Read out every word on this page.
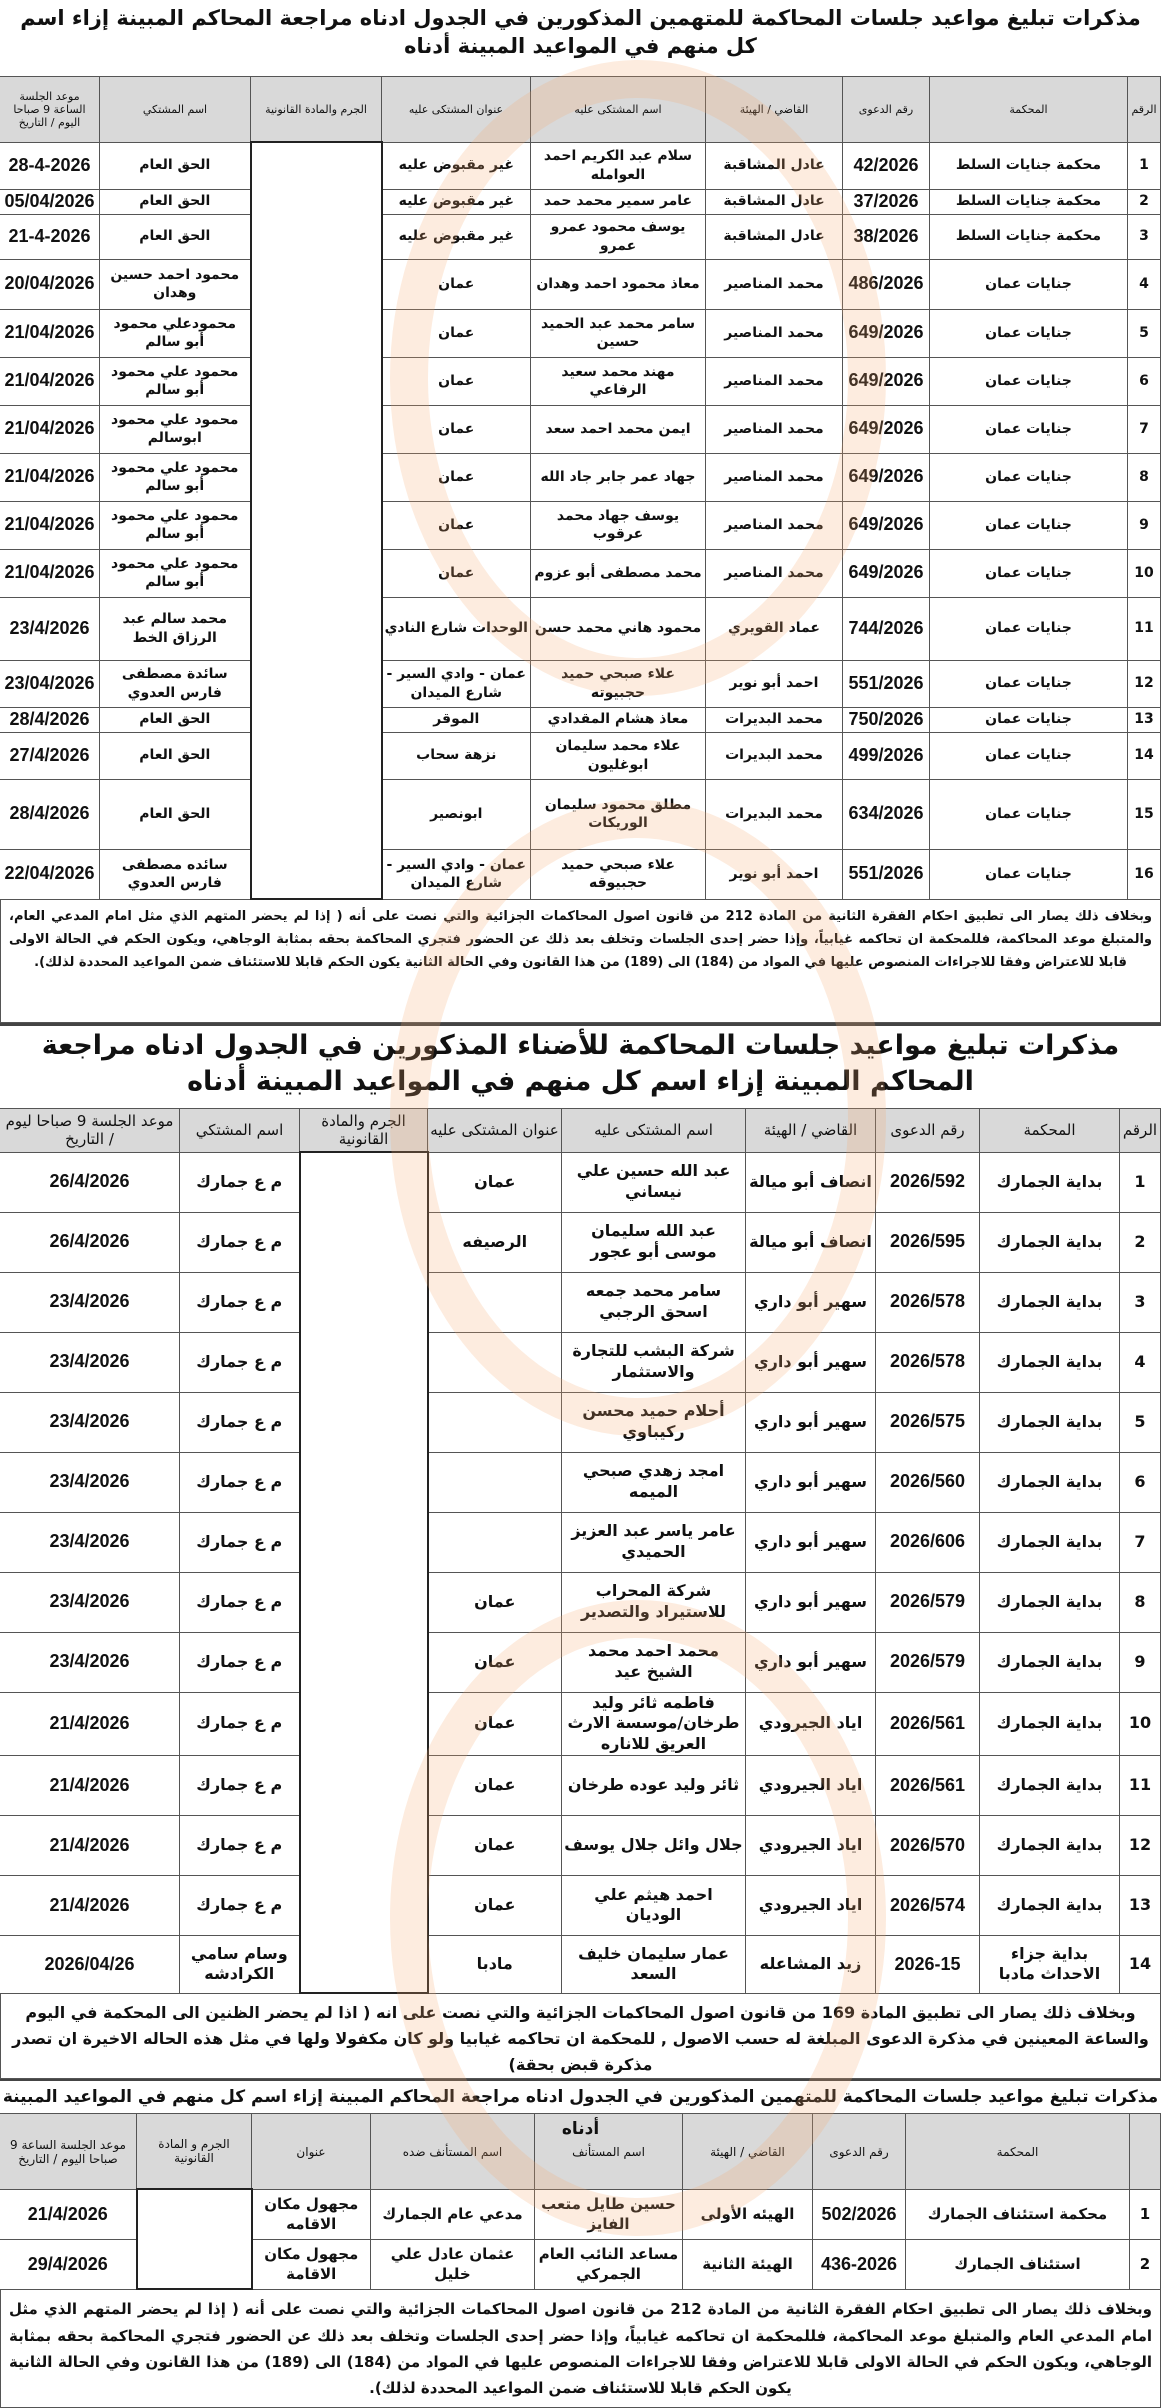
مذكرات تبليغ مواعيد جلسات المحاكمة للمتهمين المذكورين في الجدول ادناه مراجعة المحاكم المبينة إزاء اسم كل منهم في المواعيد المبينة أدناه
الرقم	المحكمة	رقم الدعوى	القاضي / الهيئة	اسم المشتكى عليه	عنوان المشتكى عليه	الجرم والمادة القانونية	اسم المشتكي	موعد الجلسة الساعة 9 صباحا اليوم / التاريخ
1	محكمة جنايات السلط	42/2026	عادل المشاقبة	سلام عبد الكريم احمد العوامله	غير مقبوض عليه		الحق العام	28-4-2026
2	محكمة جنايات السلط	37/2026	عادل المشاقبة	عامر سمير محمد حمد	غير مقبوض عليه		الحق العام	05/04/2026
3	محكمة جنايات السلط	38/2026	عادل المشاقبة	يوسف محمود عمرو عمرو	غير مقبوض عليه		الحق العام	21-4-2026
4	جنايات عمان	486/2026	محمد المناصير	معاذ محمود احمد وهدان	عمان		محمود احمد حسين وهدان	20/04/2026
5	جنايات عمان	649/2026	محمد المناصير	سامر محمد عبد الحميد حسين	عمان		محمودعلي محمود أبو سالم	21/04/2026
6	جنايات عمان	649/2026	محمد المناصير	مهند محمد سعيد الرفاعي	عمان		محمود علي محمود أبو سالم	21/04/2026
7	جنايات عمان	649/2026	محمد المناصير	ايمن محمد احمد سعد	عمان		محمود علي محمود ابوسالم	21/04/2026
8	جنايات عمان	649/2026	محمد المناصير	جهاد عمر جابر جاد الله	عمان		محمود علي محمود أبو سالم	21/04/2026
9	جنايات عمان	649/2026	محمد المناصير	يوسف جهاد محمد عرقوب	عمان		محمود علي محمود أبو سالم	21/04/2026
10	جنايات عمان	649/2026	محمد المناصير	محمد مصطفى أبو عزوم	عمان		محمود علي محمود أبو سالم	21/04/2026
11	جنايات عمان	744/2026	عماد القويري	محمود هاني محمد حسن	الوحدات شارع النادي		محمد سالم عبد الرزاق الخط	23/4/2026
12	جنايات عمان	551/2026	احمد أبو نوير	علاء صبحي حميد حجبيوته	عمان - وادي السير - شارع الميدان		سائدة مصطفى فارس العدوي	23/04/2026
13	جنايات عمان	750/2026	محمد البديرات	معاذ هشام المقدادي	الموقر		الحق العام	28/4/2026
14	جنايات عمان	499/2026	محمد البديرات	علاء محمد سليمان ابوغليون	نزهة سحاب		الحق العام	27/4/2026
15	جنايات عمان	634/2026	محمد البديرات	مطلق محمود سليمان الوريكات	ابونصير		الحق العام	28/4/2026
16	جنايات عمان	551/2026	احمد أبو نوير	علاء صبحي حميد حجبيوقه	عمان - وادي السير - شارع الميدان		سائده مصطفى فارس العدوي	22/04/2026
وبخلاف ذلك يصار الى تطبيق احكام الفقرة الثانية من المادة 212 من قانون اصول المحاكمات الجزائية والتي نصت على أنه ( إذا لم يحضر المتهم الذي مثل امام المدعي العام، والمتبلغ موعد المحاكمة، فللمحكمة ان تحاكمه غيابياً، وإذا حضر إحدى الجلسات وتخلف بعد ذلك عن الحضور فتجري المحاكمة بحقه بمثابة الوجاهي، ويكون الحكم في الحالة الاولى قابلا للاعتراض وفقا للاجراءات المنصوص عليها في المواد من (184) الى (189) من هذا القانون وفي الحالة الثانية يكون الحكم قابلا للاستئناف ضمن المواعيد المحددة لذلك).
مذكرات تبليغ مواعيد جلسات المحاكمة للأضناء المذكورين في الجدول ادناه مراجعة المحاكم المبينة إزاء اسم كل منهم في المواعيد المبينة أدناه
الرقم	المحكمة	رقم الدعوى	القاضي / الهيئة	اسم المشتكى عليه	عنوان المشتكى عليه	الجرم والمادة القانونية	اسم المشتكي	موعد الجلسة 9 صباحا ليوم / التاريخ
1	بداية الجمارك	2026/592	انصاف أبو ميالة	عبد الله حسين علي نيساني	عمان		م ع جمارك	26/4/2026
2	بداية الجمارك	2026/595	انصاف أبو ميالة	عبد الله سليمان موسى أبو عجور	الرصيفه		م ع جمارك	26/4/2026
3	بداية الجمارك	2026/578	سهير أبو داري	سامر محمد جمعه اسحق الرجبي			م ع جمارك	23/4/2026
4	بداية الجمارك	2026/578	سهير أبو داري	شركة البشب للتجارة والاستثمار			م ع جمارك	23/4/2026
5	بداية الجمارك	2026/575	سهير أبو داري	أحلام حميد محسن ركيباوي			م ع جمارك	23/4/2026
6	بداية الجمارك	2026/560	سهير أبو داري	امجد زهدي صبحي الميمه			م ع جمارك	23/4/2026
7	بداية الجمارك	2026/606	سهير أبو داري	عامر ياسر عبد العزيز الحميدي			م ع جمارك	23/4/2026
8	بداية الجمارك	2026/579	سهير أبو داري	شركة المحراب للاستيراد والتصدير	عمان		م ع جمارك	23/4/2026
9	بداية الجمارك	2026/579	سهير أبو داري	محمد احمد محمد الشيخ عيد	عمان		م ع جمارك	23/4/2026
10	بداية الجمارك	2026/561	اياد الجيرودي	فاطمه ثائر وليد طرخان/موسسة الارث العريق للاناره	عمان		م ع جمارك	21/4/2026
11	بداية الجمارك	2026/561	اياد الجيرودي	ثائر وليد عوده طرخان	عمان		م ع جمارك	21/4/2026
12	بداية الجمارك	2026/570	اياد الجيرودي	جلال وائل جلال يوسف	عمان		م ع جمارك	21/4/2026
13	بداية الجمارك	2026/574	اياد الجيرودي	احمد هيثم علي الوديان	عمان		م ع جمارك	21/4/2026
14	بداية جزاء الاحداث مادبا	2026-15	زيد المشاعله	عمار سليمان خليف السعد	مادبا		وسام سامي الكرادشه	2026/04/26
وبخلاف ذلك يصار الى تطبيق المادة 169 من قانون اصول المحاكمات الجزائية والتي نصت على انه ( اذا لم يحضر الظنين الى المحكمة في اليوم والساعة المعينين في مذكرة الدعوى المبلغة له حسب الاصول , للمحكمة ان تحاكمه غيابيا ولو كان مكفولا ولها في مثل هذه الحاله الاخيرة ان تصدر مذكرة قبض بحقة)
مذكرات تبليغ مواعيد جلسات المحاكمة للمتهمين المذكورين في الجدول ادناه مراجعة المحاكم المبينة إزاء اسم كل منهم في المواعيد المبينة أدناه
	المحكمة	رقم الدعوى	القاضي / الهيئة	اسم المستأنف	اسم المستأنف ضده	عنوان	الجرم و المادة القانونية	موعد الجلسة الساعة 9 صباحا اليوم / التاريخ
1	محكمة استئناف الجمارك	502/2026	الهيئه الأولى	حسين طايل متعب الفايز	مدعي عام الجمارك	مجهول مكان الاقامه		21/4/2026
2	استئناف الجمارك	436-2026	الهيئة الثانية	مساعد النائب العام الجمركي	عثمان عادل علي خليل	مجهول مكان الاقامة		29/4/2026
وبخلاف ذلك يصار الى تطبيق احكام الفقرة الثانية من المادة 212 من قانون اصول المحاكمات الجزائية والتي نصت على أنه ( إذا لم يحضر المتهم الذي مثل امام المدعي العام والمتبلغ موعد المحاكمة، فللمحكمة ان تحاكمه غيابياً، وإذا حضر إحدى الجلسات وتخلف بعد ذلك عن الحضور فتجري المحاكمة بحقه بمثابة الوجاهي، ويكون الحكم في الحالة الاولى قابلا للاعتراض وفقا للاجراءات المنصوص عليها في المواد من (184) الى (189) من هذا القانون وفي الحالة الثانية يكون الحكم قابلا للاستئناف ضمن المواعيد المحددة لذلك).
